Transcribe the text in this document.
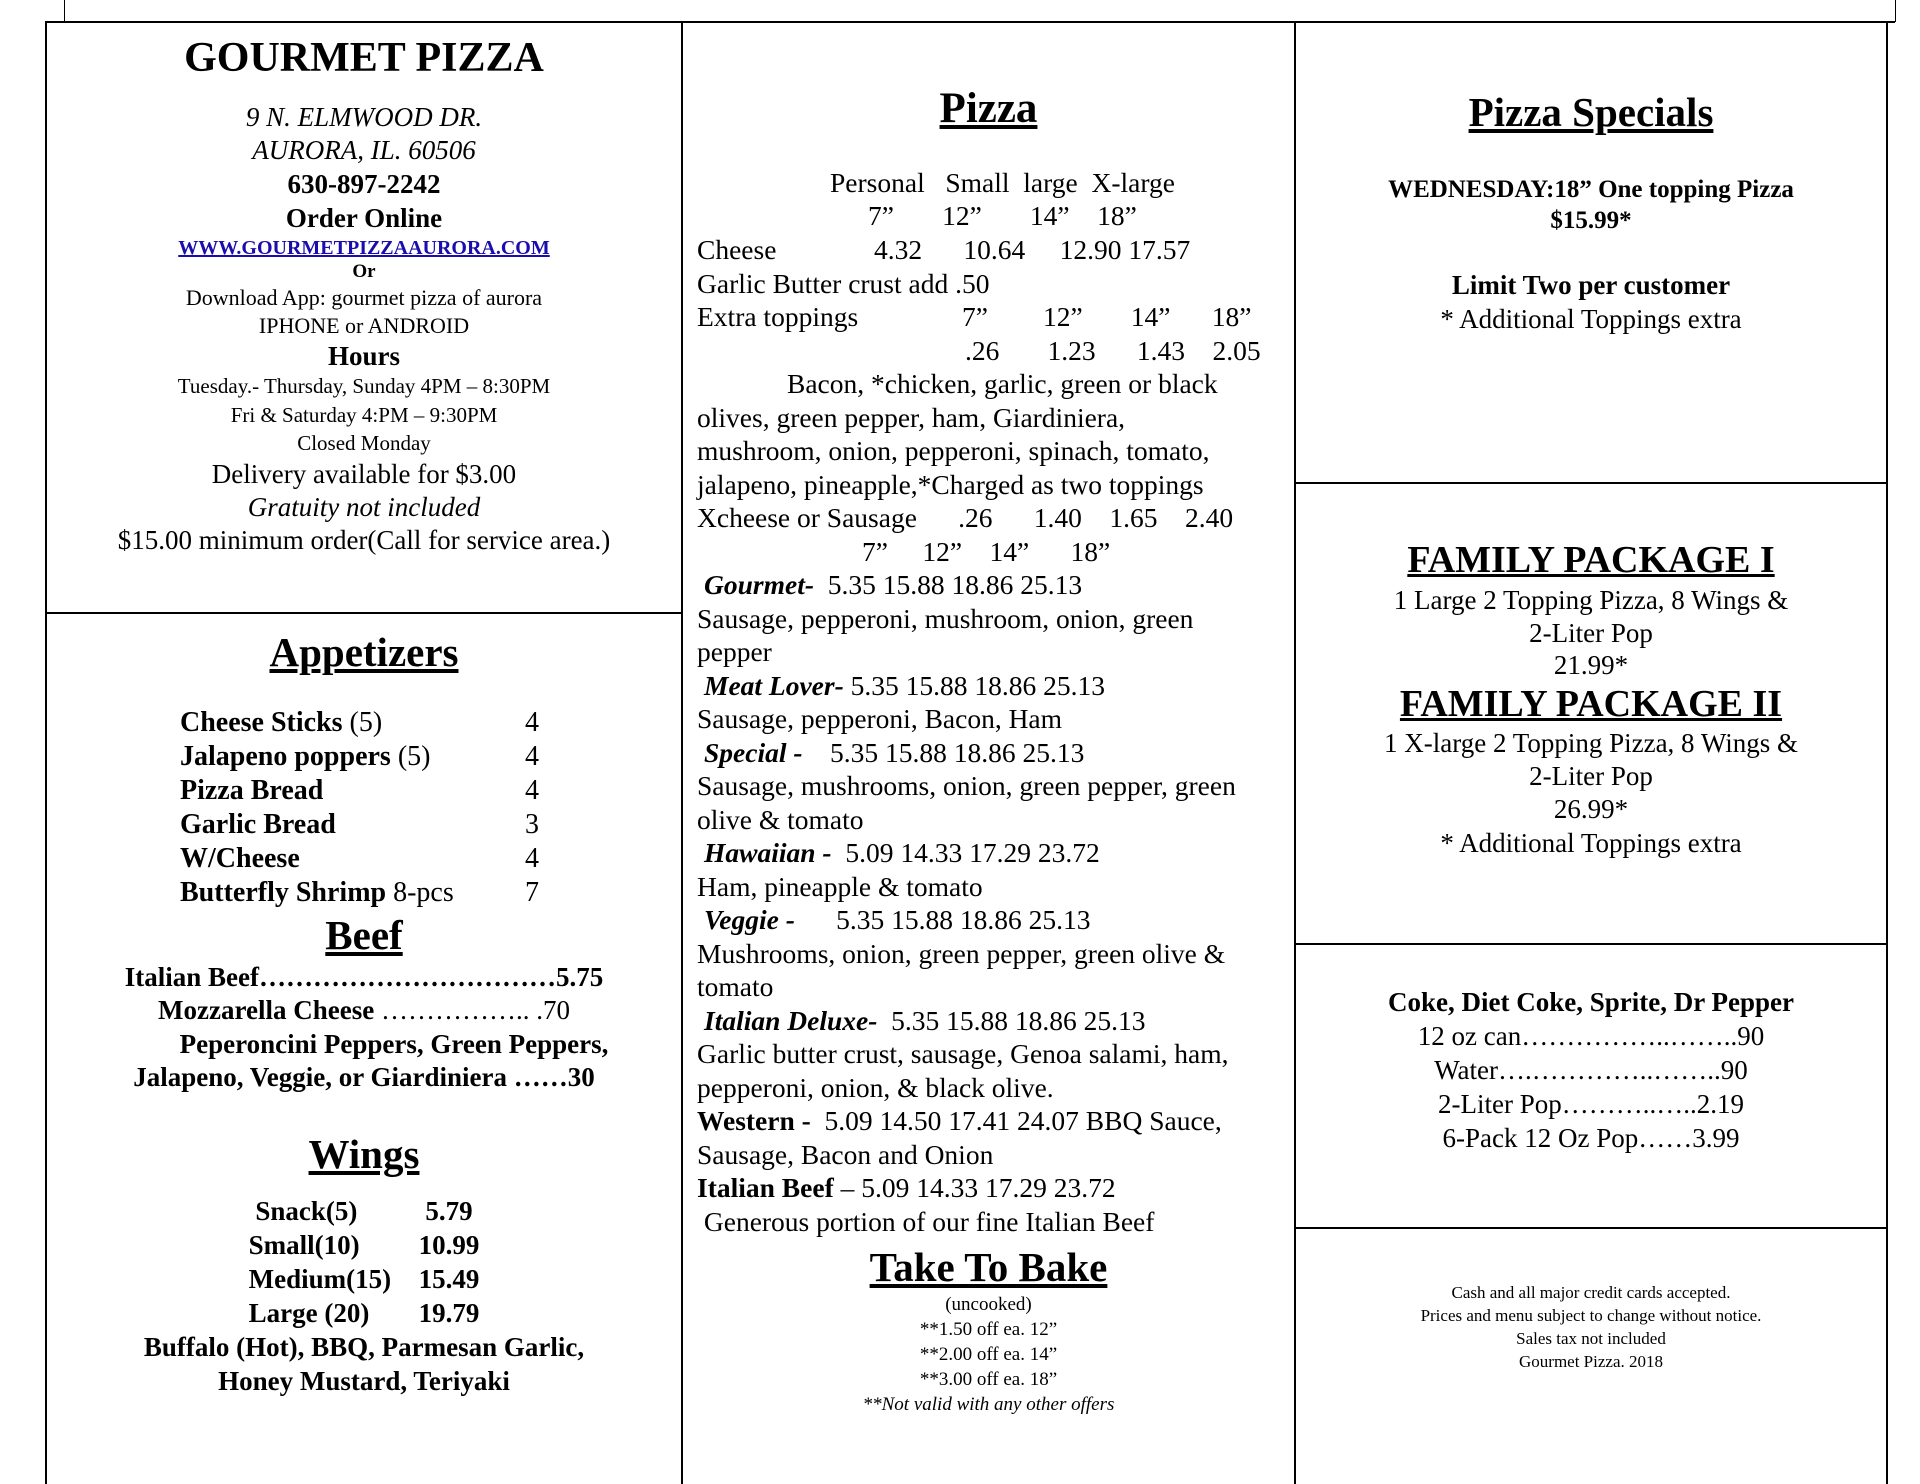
GOURMET PIZZA
9 N. ELMWOOD DR.
AURORA, IL. 60506
630-897-2242
Order Online
WWW.GOURMETPIZZAAURORA.COM
Or
Download App: gourmet pizza of aurora
IPHONE or ANDROID
Hours
Tuesday.- Thursday, Sunday 4PM – 8:30PM
Fri & Saturday 4:PM – 9:30PM
Closed Monday
Delivery available for $3.00
Gratuity not included
$15.00 minimum order(Call for service area.)
Appetizers
Cheese Sticks (5)	4
Jalapeno poppers (5)	4
Pizza Bread	4
Garlic Bread	3
W/Cheese	4
Butterfly Shrimp 8-pcs	7
Beef
Italian Beef……………………………5.75
Mozzarella Cheese …………….. .70
Peperoncini Peppers, Green Peppers,
Jalapeno, Veggie, or Giardiniera ……30
Wings
Snack(5)	5.79
Small(10)	10.99
Medium(15)	15.49
Large (20)	19.79
Buffalo (Hot), BBQ, Parmesan Garlic,
Honey Mustard, Teriyaki
Pizza
Personal   Small  large  X-large
7”       12”       14”    18”
Cheese	4.32      10.64     12.90 17.57
Garlic Butter crust add .50
Extra toppings	7”        12”       14”      18”
.26       1.23      1.43    2.05
Bacon, *chicken, garlic, green or black
olives, green pepper, ham, Giardiniera,
mushroom, onion, pepperoni, spinach, tomato,
jalapeno, pineapple,*Charged as two toppings
Xcheese or Sausage      .26      1.40    1.65    2.40
7”     12”    14”      18”
Gourmet-  5.35 15.88 18.86 25.13
Sausage, pepperoni, mushroom, onion, green
pepper
Meat Lover- 5.35 15.88 18.86 25.13
Sausage, pepperoni, Bacon, Ham
Special -    5.35 15.88 18.86 25.13
Sausage, mushrooms, onion, green pepper, green
olive & tomato
Hawaiian -  5.09 14.33 17.29 23.72
Ham, pineapple & tomato
Veggie -      5.35 15.88 18.86 25.13
Mushrooms, onion, green pepper, green olive &
tomato
Italian Deluxe-  5.35 15.88 18.86 25.13
Garlic butter crust, sausage, Genoa salami, ham,
pepperoni, onion, & black olive.
Western -  5.09 14.50 17.41 24.07 BBQ Sauce,
Sausage, Bacon and Onion
Italian Beef – 5.09 14.33 17.29 23.72
Generous portion of our fine Italian Beef
Take To Bake
(uncooked)
**1.50 off ea. 12”
**2.00 off ea. 14”
**3.00 off ea. 18”
**Not valid with any other offers
Pizza Specials
WEDNESDAY:18” One topping Pizza
$15.99*
Limit Two per customer
* Additional Toppings extra
FAMILY PACKAGE I
1 Large 2 Topping Pizza, 8 Wings &
2-Liter Pop
21.99*
FAMILY PACKAGE II
1 X-large 2 Topping Pizza, 8 Wings &
2-Liter Pop
26.99*
* Additional Toppings extra
Coke, Diet Coke, Sprite, Dr Pepper
12 oz can……………..……..90
Water….…………..……..90
2-Liter Pop………..…..2.19
6-Pack 12 Oz Pop……3.99
Cash and all major credit cards accepted.
Prices and menu subject to change without notice.
Sales tax not included
Gourmet Pizza. 2018
